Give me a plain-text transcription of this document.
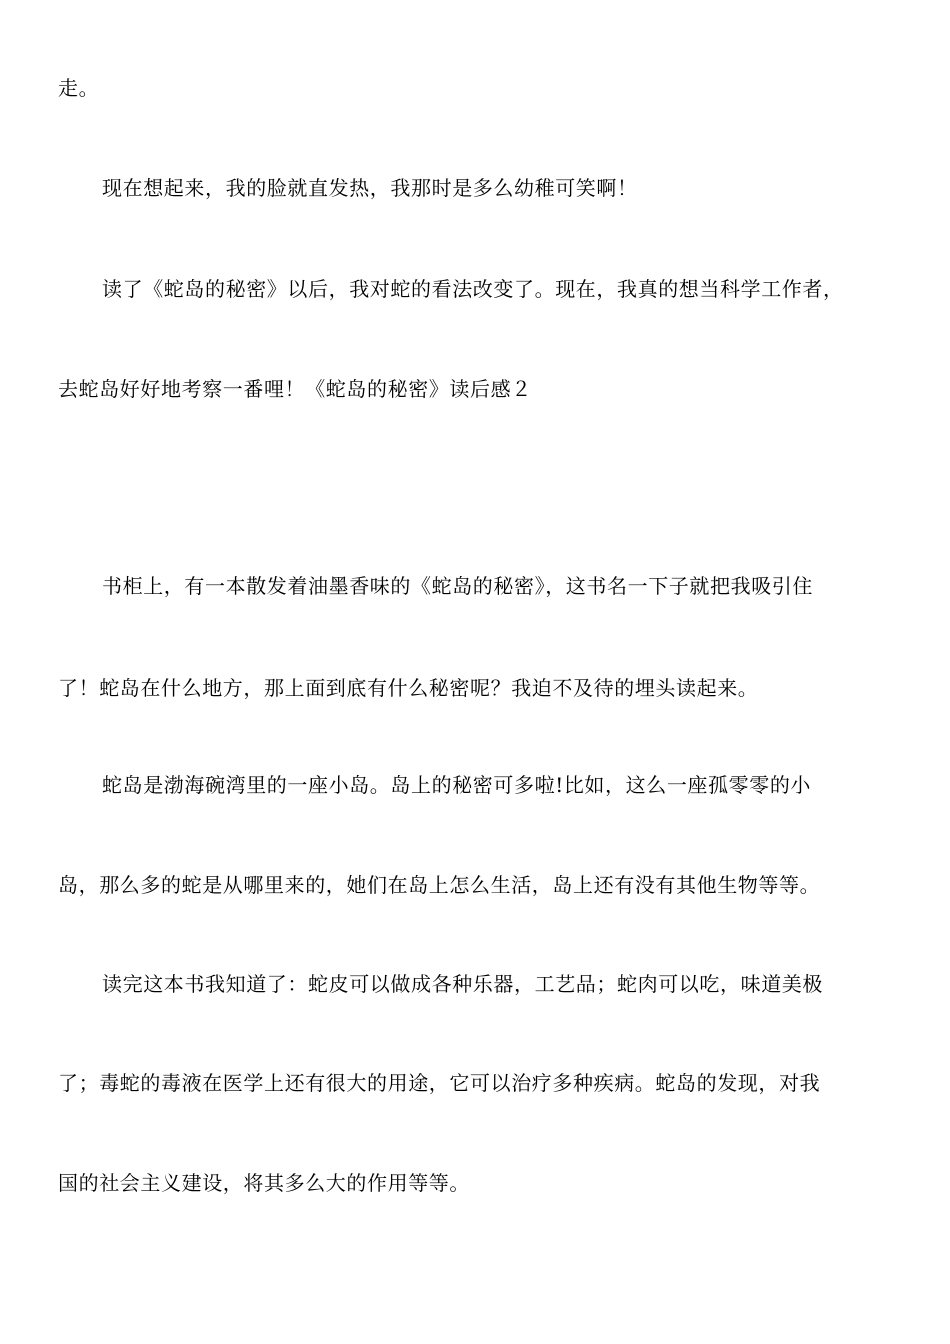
走。
现在想起来，我的脸就直发热，我那时是多么幼稚可笑啊！
读了《蛇岛的秘密》以后，我对蛇的看法改变了。现在，我真的想当科学工作者，
去蛇岛好好地考察一番哩！《蛇岛的秘密》读后感２
书柜上，有一本散发着油墨香味的《蛇岛的秘密》，这书名一下子就把我吸引住
了！蛇岛在什么地方，那上面到底有什么秘密呢？我迫不及待的埋头读起来。
蛇岛是渤海碗湾里的一座小岛。岛上的秘密可多啦!比如，这么一座孤零零的小
岛，那么多的蛇是从哪里来的，她们在岛上怎么生活，岛上还有没有其他生物等等。
读完这本书我知道了：蛇皮可以做成各种乐器，工艺品；蛇肉可以吃，味道美极
了；毒蛇的毒液在医学上还有很大的用途，它可以治疗多种疾病。蛇岛的发现，对我
国的社会主义建设，将其多么大的作用等等。
